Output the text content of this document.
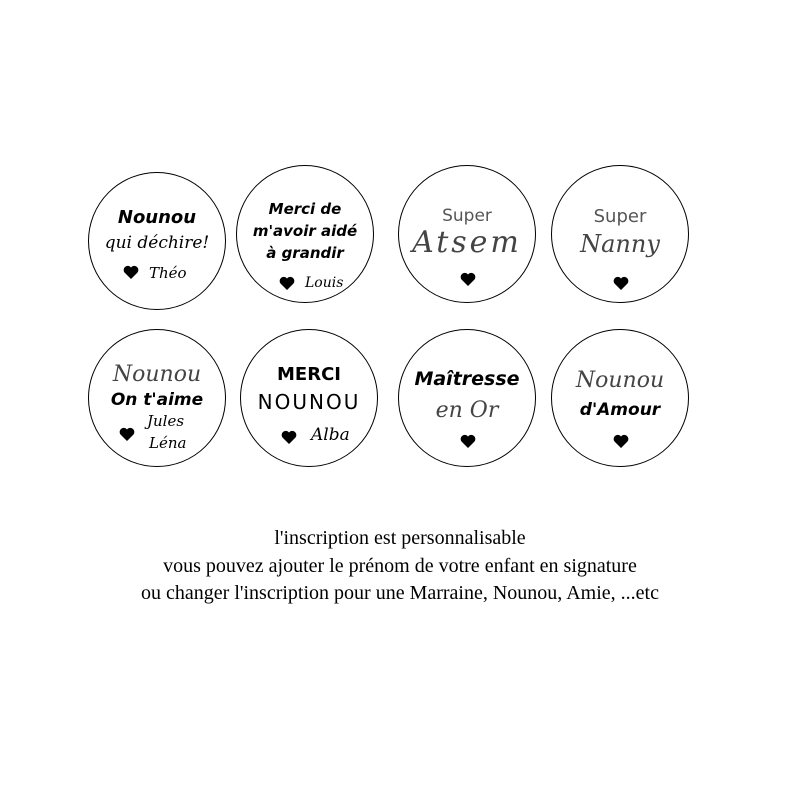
Nounou
qui déchire!
Théo
Merci de
m'avoir aidé
à grandir
Louis
Super
Atsem
Super
Nanny
Nounou
On t'aime
Jules
Léna
MERCI
NOUNOU
Alba
Maîtresse
en Or
Nounou
d'Amour
l'inscription est personnalisable
vous pouvez ajouter le prénom de votre enfant en signature
ou changer l'inscription pour une Marraine, Nounou, Amie, ...etc
